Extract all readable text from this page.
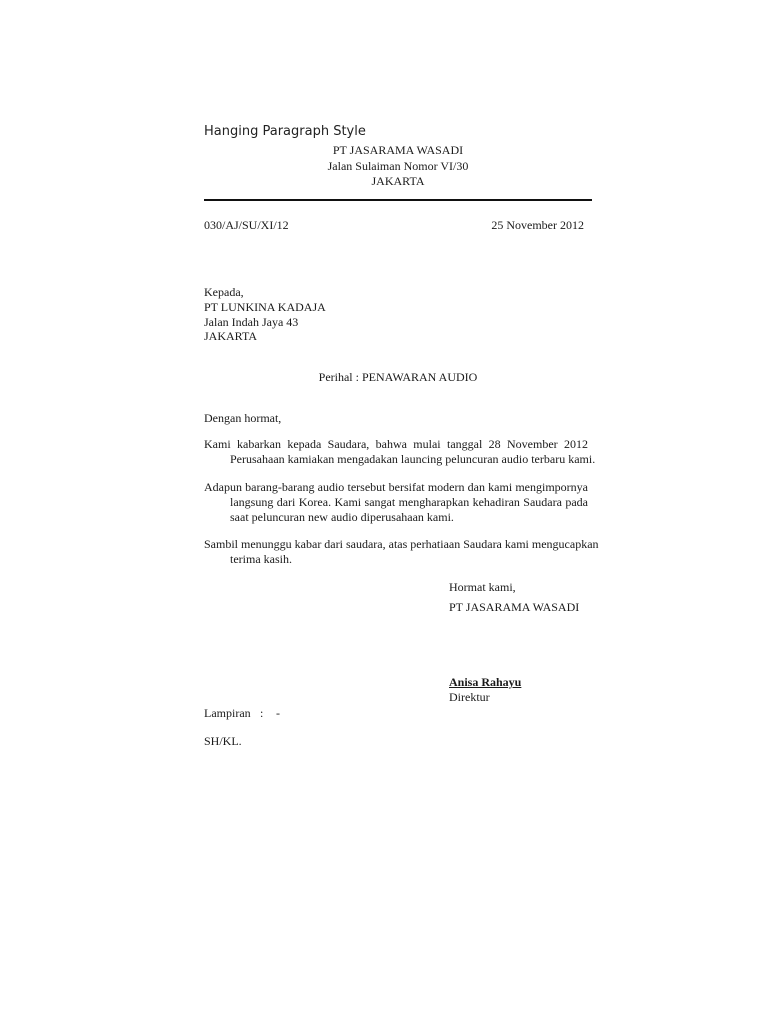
Hanging Paragraph Style
PT JASARAMA WASADI
Jalan Sulaiman Nomor VI/30
JAKARTA
030/AJ/SU/XI/12	25 November 2012
Kepada,
PT LUNKINA KADAJA
Jalan Indah Jaya 43
JAKARTA
Perihal : PENAWARAN AUDIO
Dengan hormat,
Kami kabarkan kepada Saudara, bahwa mulai tanggal 28 November 2012
Perusahaan kamiakan mengadakan launcing peluncuran audio terbaru kami.
Adapun barang-barang audio tersebut bersifat modern dan kami mengimpornya
langsung dari Korea. Kami sangat mengharapkan kehadiran Saudara pada
saat peluncuran new audio diperusahaan kami.
Sambil menunggu kabar dari saudara, atas perhatiaan Saudara kami mengucapkan
terima kasih.
Hormat kami,
PT JASARAMA WASADI
Anisa Rahayu
Direktur
Lampiran : -
SH/KL.
